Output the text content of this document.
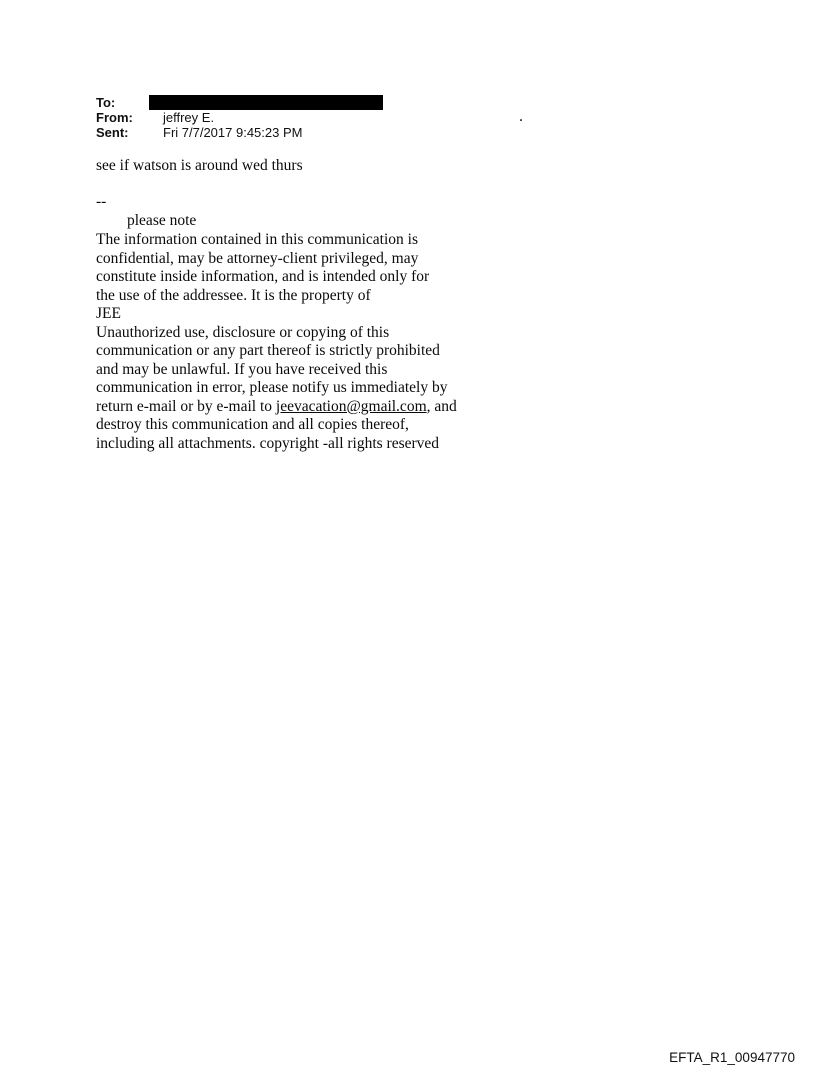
To:
From: jeffrey E.
Sent:	Fri 7/7/2017 9:45:23 PM
.
see if watson is around wed thurs
--
please note
The information contained in this communication is
confidential, may be attorney-client privileged, may
constitute inside information, and is intended only for
the use of the addressee. It is the property of
JEE
Unauthorized use, disclosure or copying of this
communication or any part thereof is strictly prohibited
and may be unlawful. If you have received this
communication in error, please notify us immediately by
return e-mail or by e-mail to jeevacation@gmail.com, and
destroy this communication and all copies thereof,
including all attachments. copyright -all rights reserved
EFTA_R1_00947770
